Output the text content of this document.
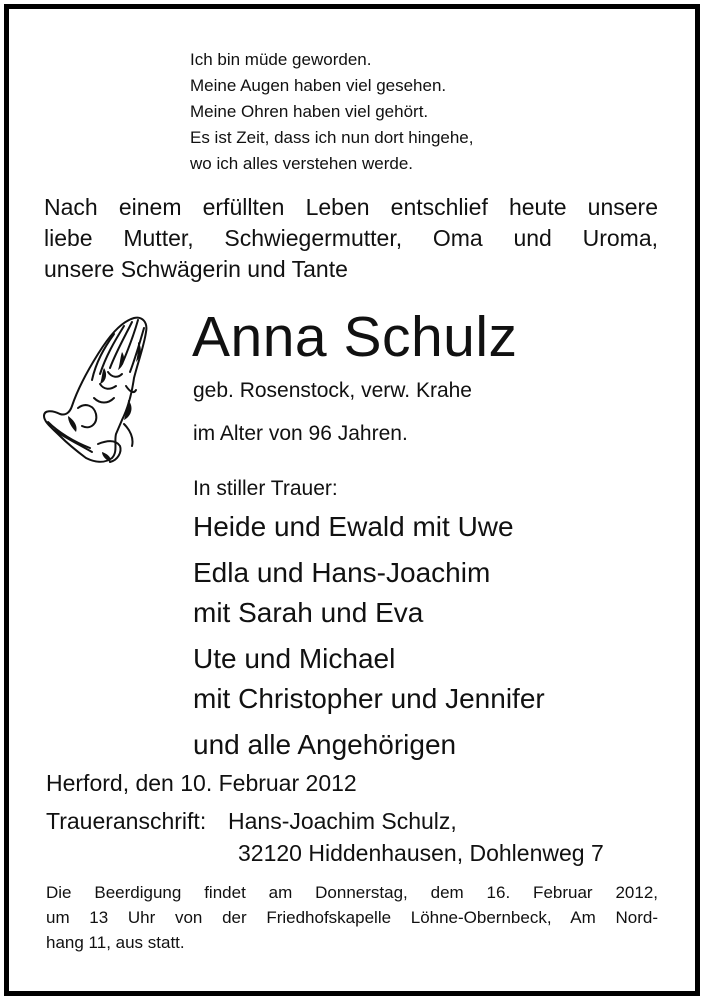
Ich bin müde geworden.
Meine Augen haben viel gesehen.
Meine Ohren haben viel gehört.
Es ist Zeit, dass ich nun dort hingehe,
wo ich alles verstehen werde.
Nach einem erfüllten Leben entschlief heute unsere
liebe Mutter, Schwiegermutter, Oma und Uroma,
unsere Schwägerin und Tante
Anna Schulz
geb. Rosenstock, verw. Krahe
im Alter von 96 Jahren.
In stiller Trauer:
Heide und Ewald mit Uwe
Edla und Hans-Joachim
mit Sarah und Eva
Ute und Michael
mit Christopher und Jennifer
und alle Angehörigen
Herford, den 10. Februar 2012
Traueranschrift: Hans-Joachim Schulz,
32120 Hiddenhausen, Dohlenweg 7
Die Beerdigung findet am Donnerstag, dem 16. Februar 2012,
um 13 Uhr von der Friedhofskapelle Löhne-Obernbeck, Am Nord-
hang 11, aus statt.
